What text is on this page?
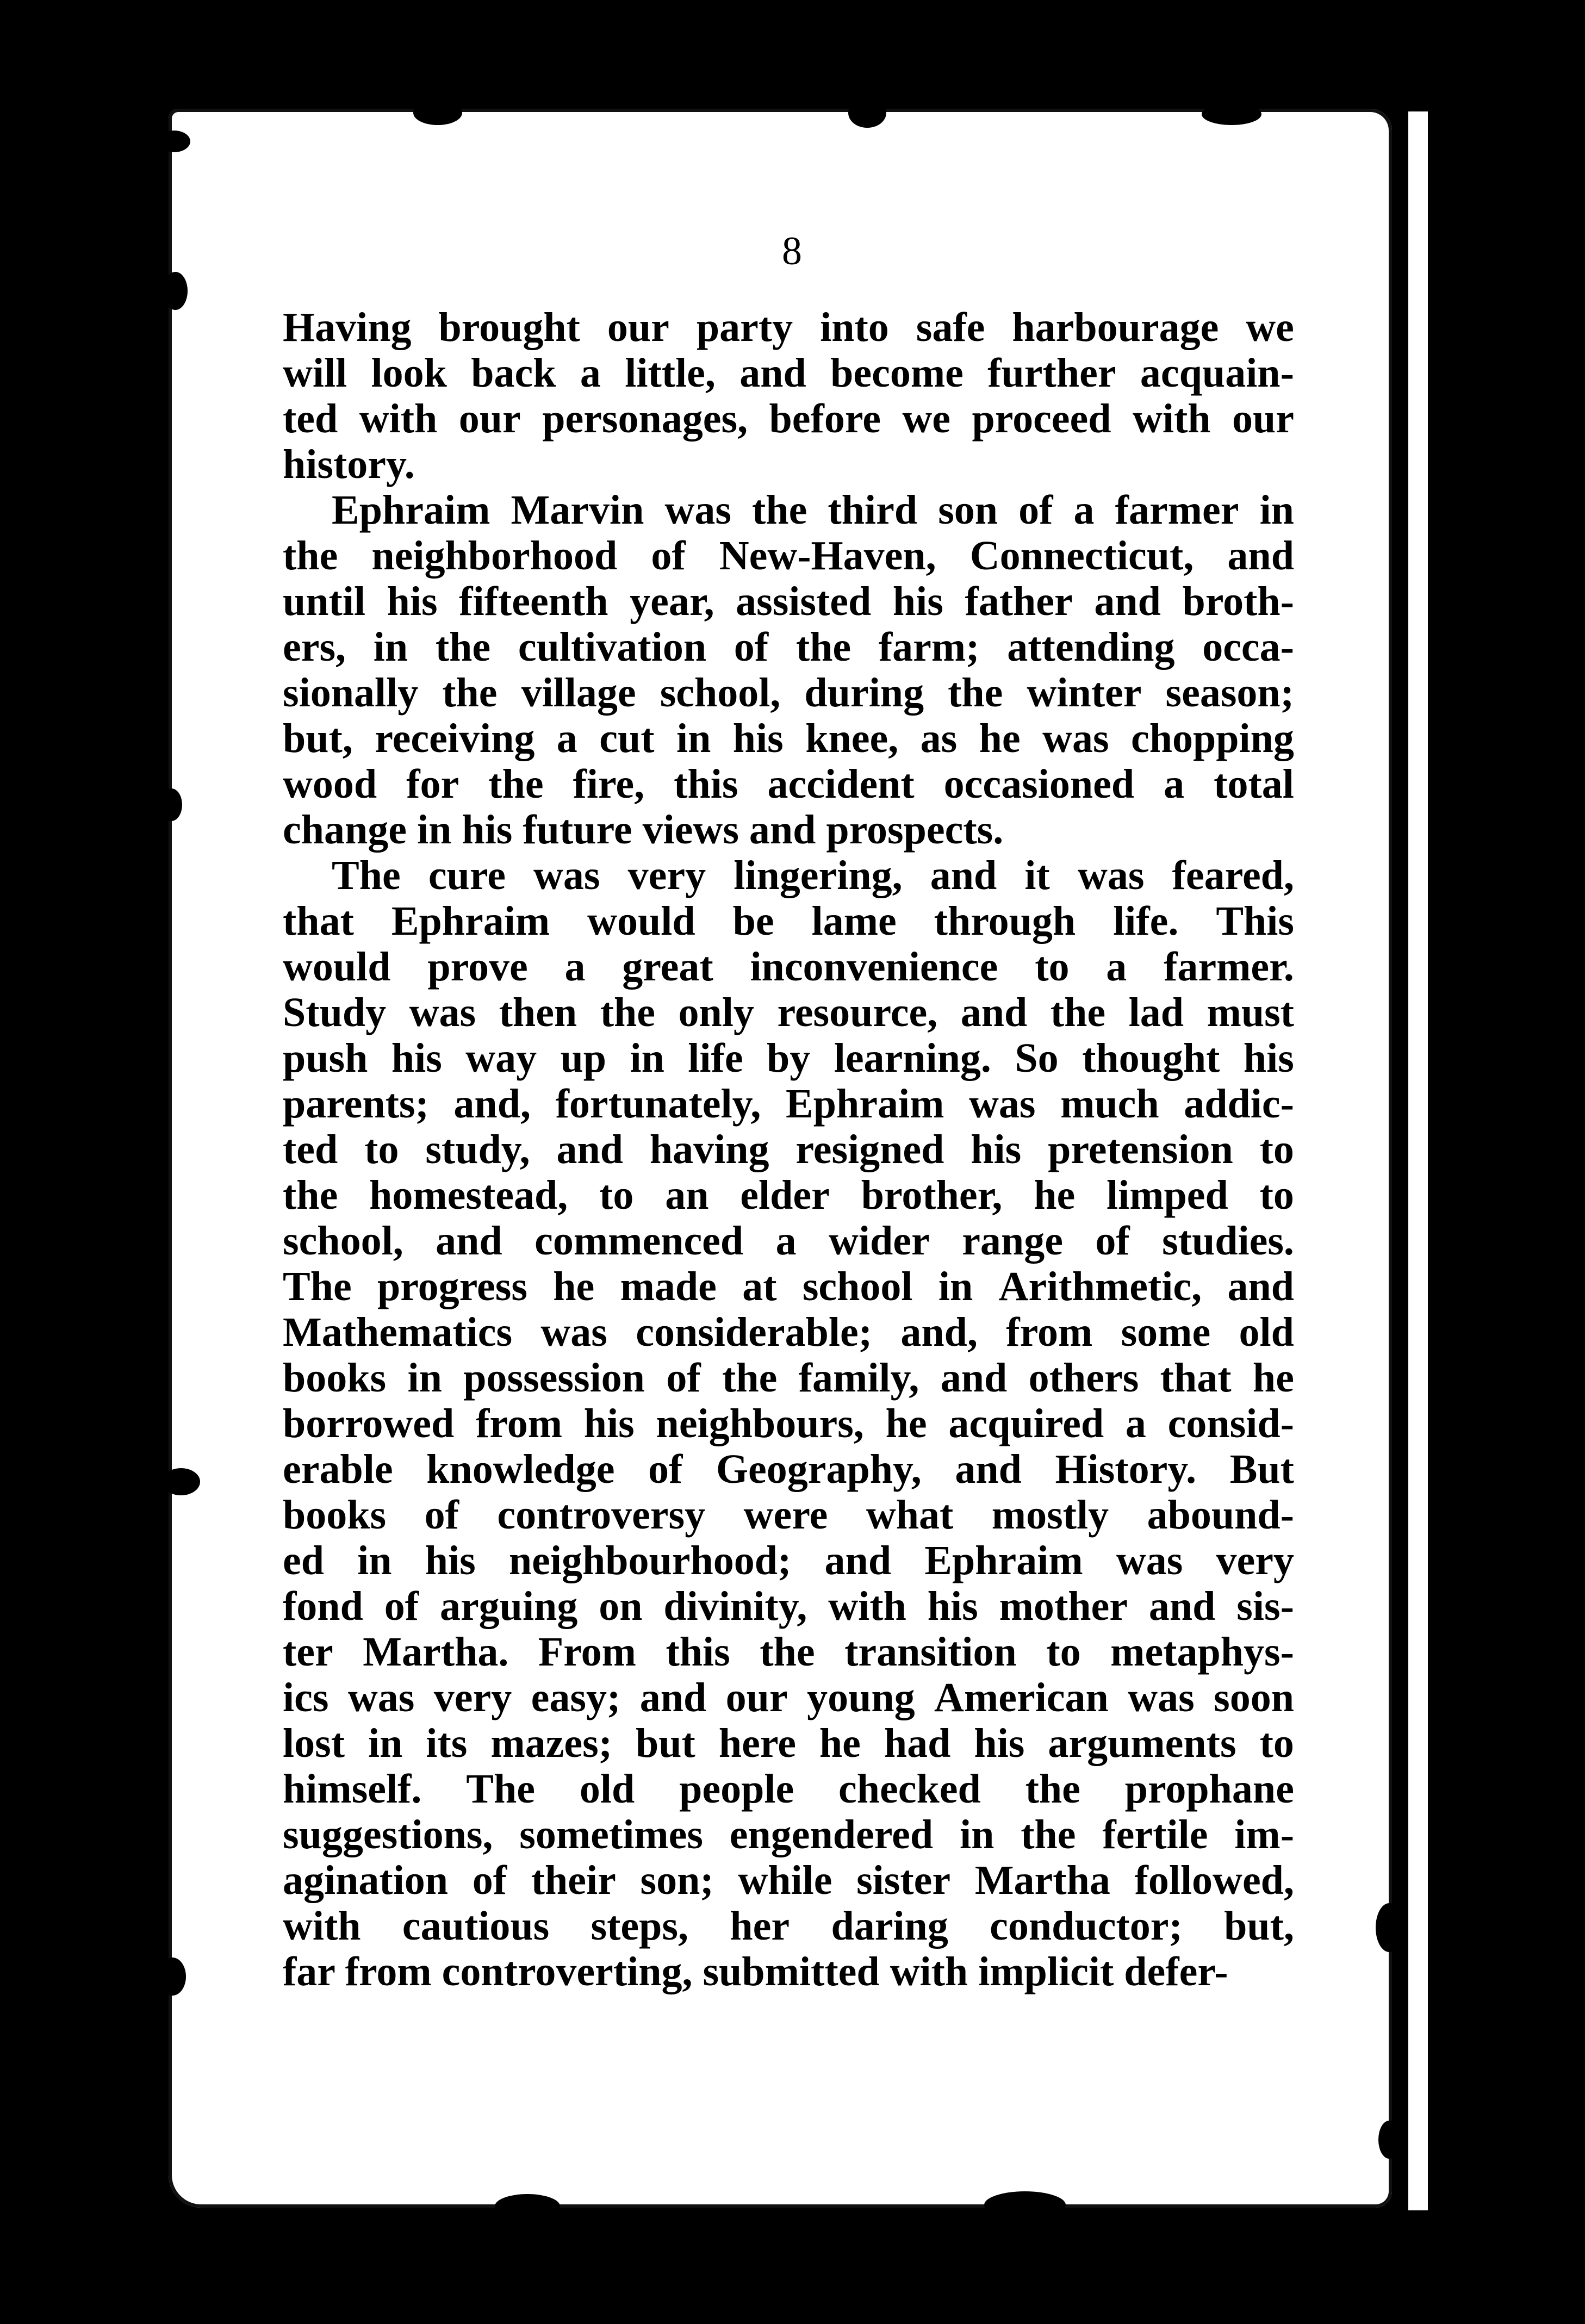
8
Having brought our party into safe harbourage we
will look back a little, and become further acquain-
ted with our personages, before we proceed with our
history.
Ephraim Marvin was the third son of a farmer in
the neighborhood of New-Haven, Connecticut, and
until his fifteenth year, assisted his father and broth-
ers, in the cultivation of the farm; attending occa-
sionally the village school, during the winter season;
but, receiving a cut in his knee, as he was chopping
wood for the fire, this accident occasioned a total
change in his future views and prospects.
The cure was very lingering, and it was feared,
that Ephraim would be lame through life. This
would prove a great inconvenience to a farmer.
Study was then the only resource, and the lad must
push his way up in life by learning. So thought his
parents; and, fortunately, Ephraim was much addic-
ted to study, and having resigned his pretension to
the homestead, to an elder brother, he limped to
school, and commenced a wider range of studies.
The progress he made at school in Arithmetic, and
Mathematics was considerable; and, from some old
books in possession of the family, and others that he
borrowed from his neighbours, he acquired a consid-
erable knowledge of Geography, and History. But
books of controversy were what mostly abound-
ed in his neighbourhood; and Ephraim was very
fond of arguing on divinity, with his mother and sis-
ter Martha. From this the transition to metaphys-
ics was very easy; and our young American was soon
lost in its mazes; but here he had his arguments to
himself. The old people checked the prophane
suggestions, sometimes engendered in the fertile im-
agination of their son; while sister Martha followed,
with cautious steps, her daring conductor; but,
far from controverting, submitted with implicit defer-
